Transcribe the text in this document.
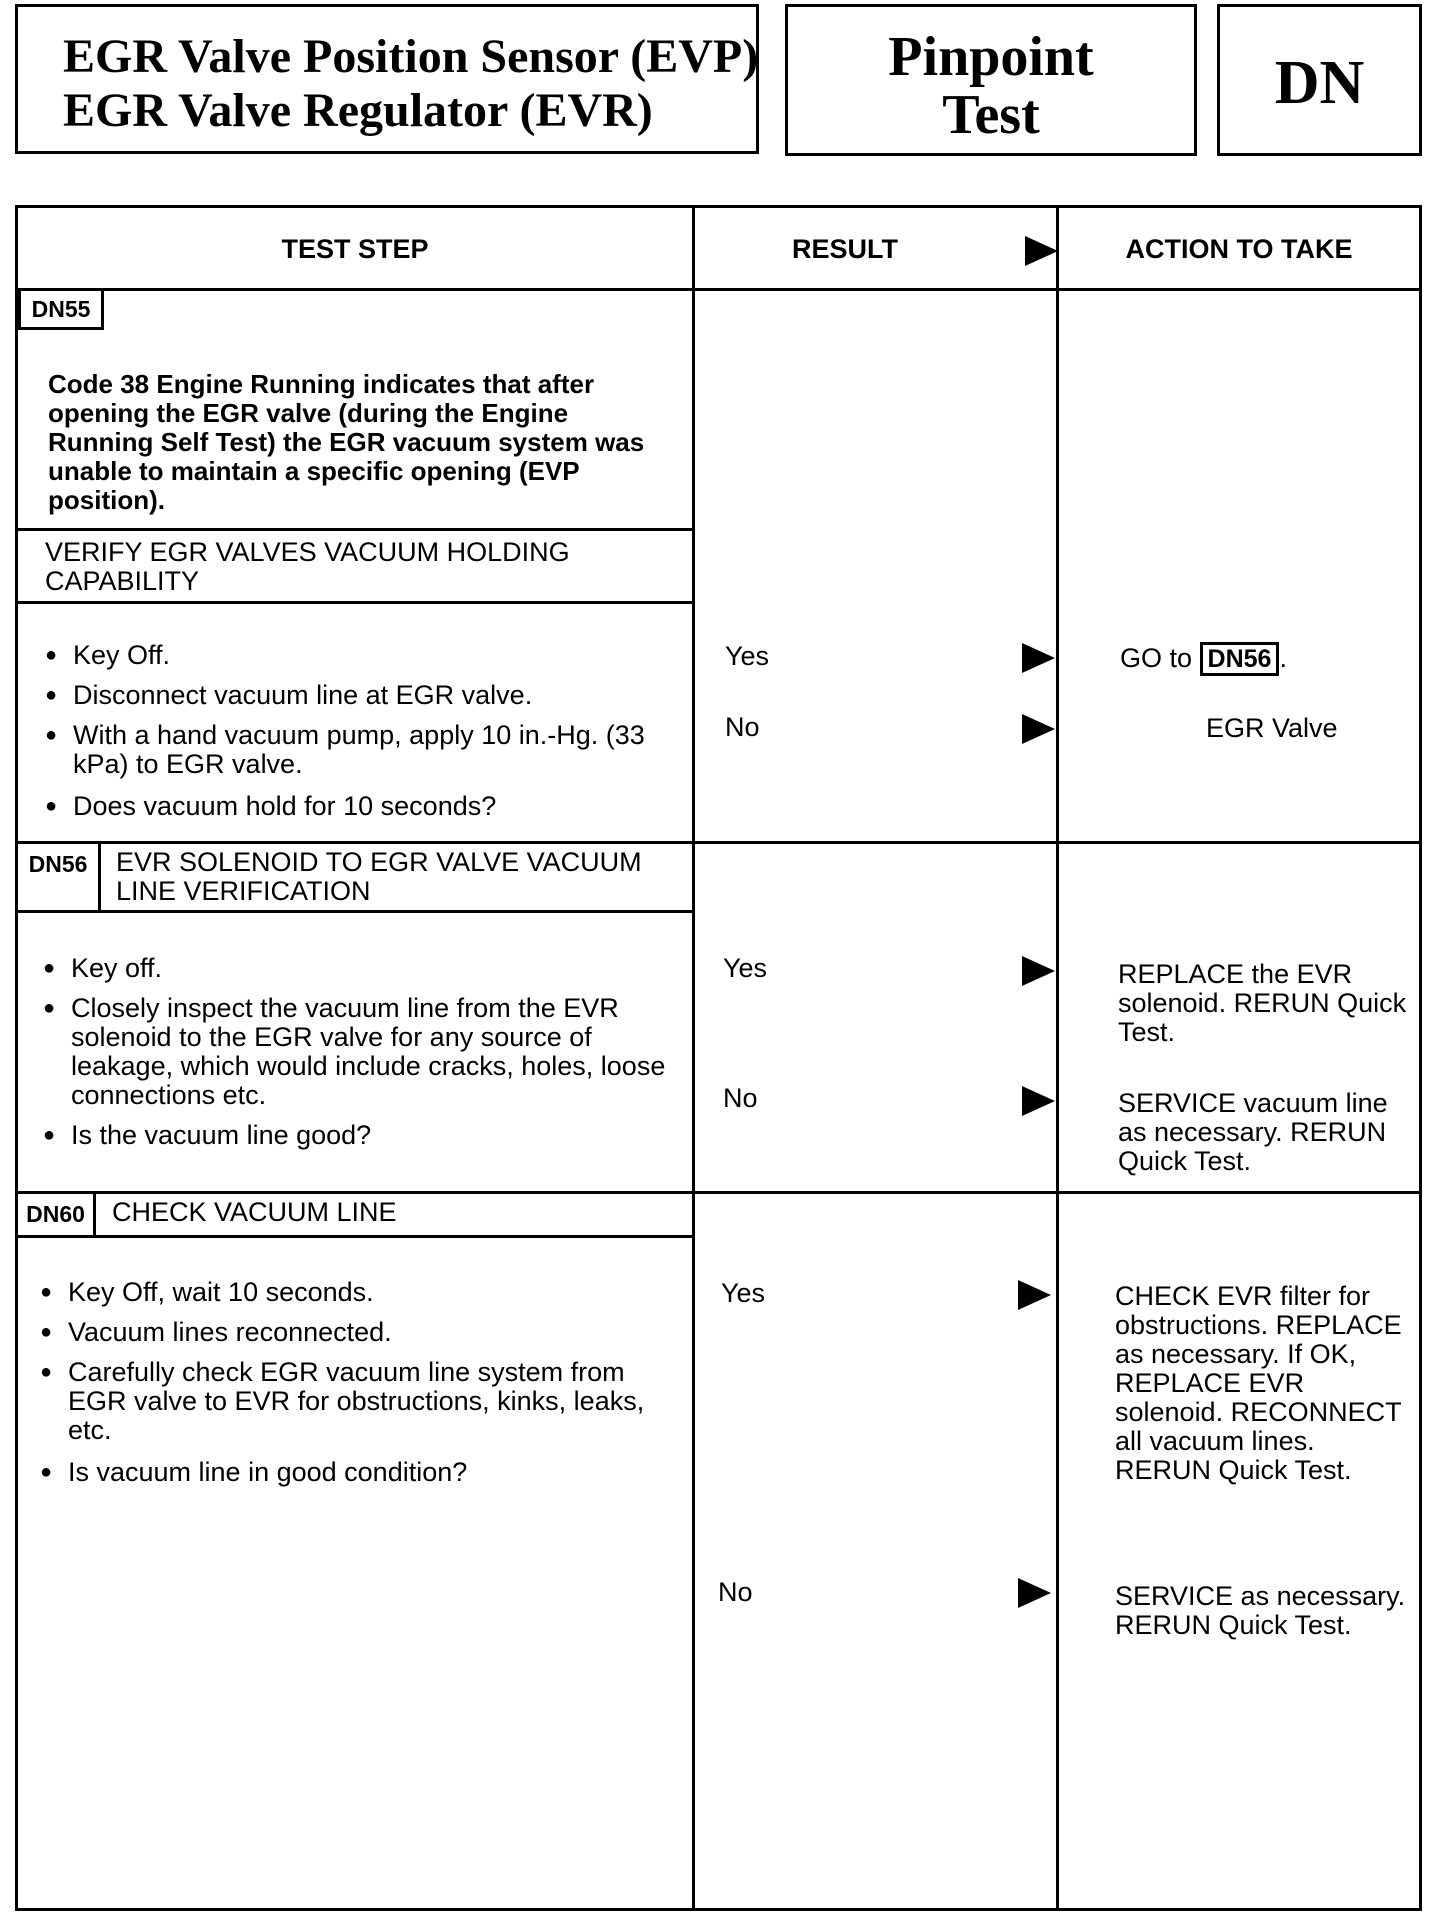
EGR Valve Position Sensor (EVP)
EGR Valve Regulator (EVR)
Pinpoint
Test	DN
TEST STEP	RESULT	ACTION TO TAKE
DN55
Code 38 Engine Running indicates that after opening the EGR valve (during the Engine Running Self Test) the EGR vacuum system was unable to maintain a specific opening (EVP position).
VERIFY EGR VALVES VACUUM HOLDING CAPABILITY
● Key Off.
● Disconnect vacuum line at EGR valve.
● With a hand vacuum pump, apply 10 in.-Hg. (33 kPa) to EGR valve.
● Does vacuum hold for 10 seconds?
Yes	GO to DN56 .
No	EGR Valve
DN56	EVR SOLENOID TO EGR VALVE VACUUM LINE VERIFICATION
● Key off.
● Closely inspect the vacuum line from the EVR solenoid to the EGR valve for any source of leakage, which would include cracks, holes, loose connections etc.
● Is the vacuum line good?
Yes	REPLACE the EVR solenoid. RERUN Quick Test.
No	SERVICE vacuum line as necessary. RERUN Quick Test.
DN60 CHECK VACUUM LINE
● Key Off, wait 10 seconds.
● Vacuum lines reconnected.
● Carefully check EGR vacuum line system from EGR valve to EVR for obstructions, kinks, leaks, etc.
● Is vacuum line in good condition?
Yes	CHECK EVR filter for obstructions. REPLACE as necessary. If OK, REPLACE EVR solenoid. RECONNECT all vacuum lines. RERUN Quick Test.
No	SERVICE as necessary. RERUN Quick Test.
